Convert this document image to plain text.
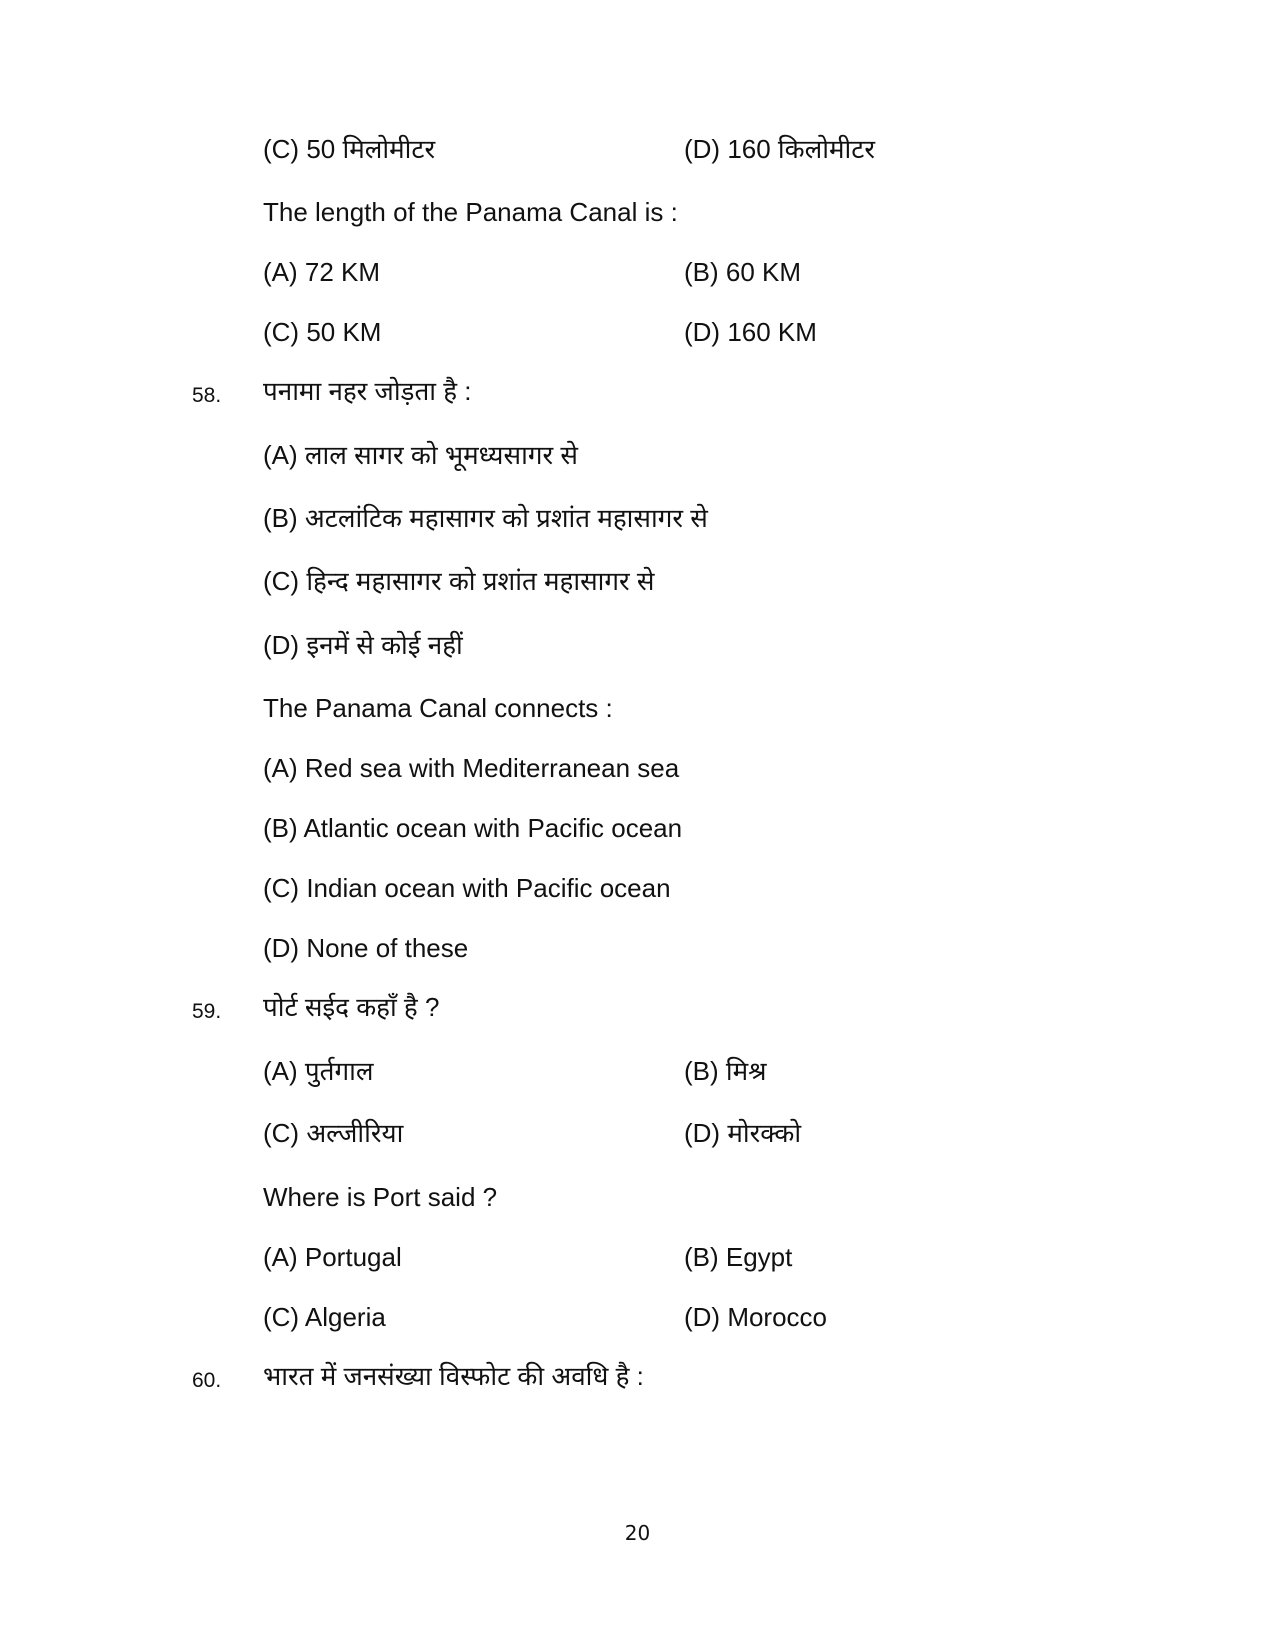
(C) 50 मिलोमीटर	(D) 160 किलोमीटर
The length of the Panama Canal is :
(A) 72 KM	(B) 60 KM
(C) 50 KM	(D) 160 KM
58. पनामा नहर जोड़ता है :
(A) लाल सागर को भूमध्यसागर से
(B) अटलांटिक महासागर को प्रशांत महासागर से
(C) हिन्द महासागर को प्रशांत महासागर से
(D) इनमें से कोई नहीं
The Panama Canal connects :
(A) Red sea with Mediterranean sea
(B) Atlantic ocean with Pacific ocean
(C) Indian ocean with Pacific ocean
(D) None of these
59. पोर्ट सईद कहाँ है ?
(A) पुर्तगाल	(B) मिश्र
(C) अल्जीरिया	(D) मोरक्को
Where is Port said ?
(A) Portugal	(B) Egypt
(C) Algeria	(D) Morocco
60. भारत में जनसंख्या विस्फोट की अवधि है :
20
